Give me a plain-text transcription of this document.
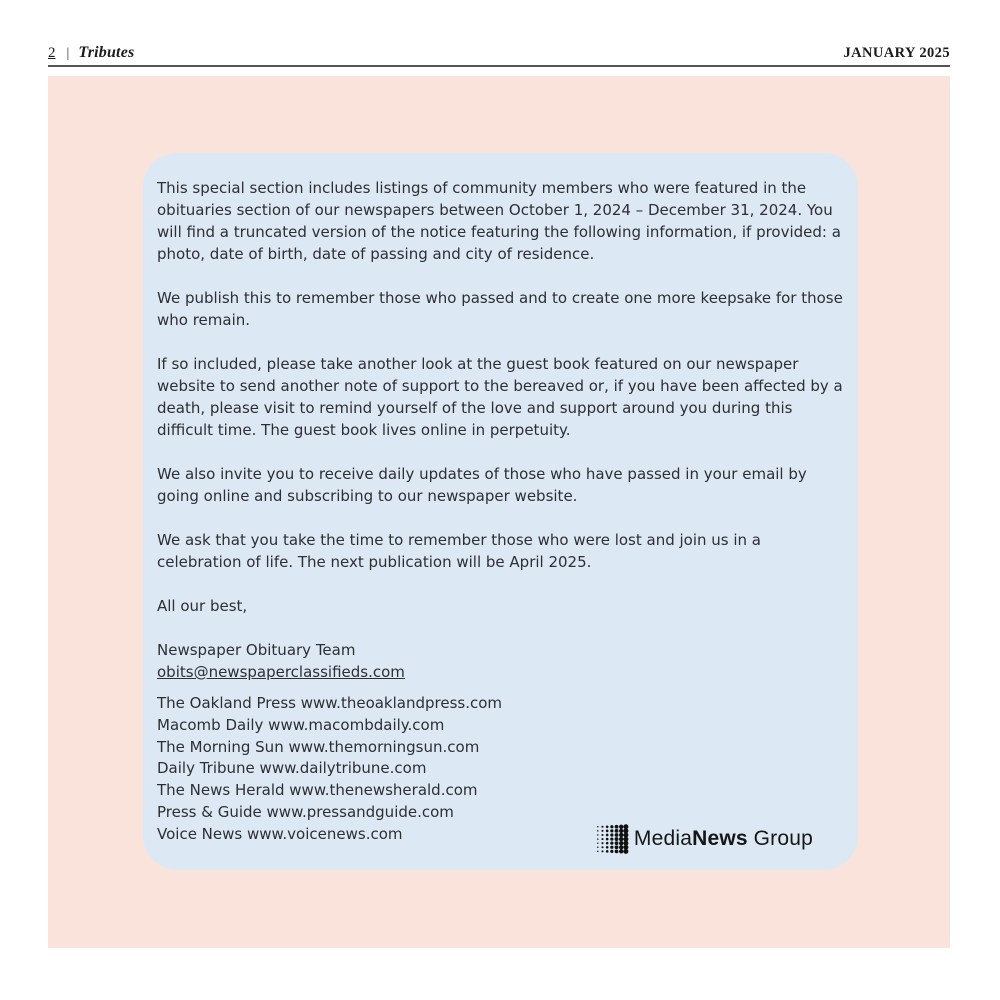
2 | Tributes	JANUARY 2025

This special section includes listings of community members who were featured in the obituaries section of our newspapers between October 1, 2024 – December 31, 2024. You will find a truncated version of the notice featuring the following information, if provided: a photo, date of birth, date of passing and city of residence.

We publish this to remember those who passed and to create one more keepsake for those who remain.

If so included, please take another look at the guest book featured on our newspaper website to send another note of support to the bereaved or, if you have been affected by a death, please visit to remind yourself of the love and support around you during this difficult time. The guest book lives online in perpetuity.

We also invite you to receive daily updates of those who have passed in your email by going online and subscribing to our newspaper website.

We ask that you take the time to remember those who were lost and join us in a celebration of life. The next publication will be April 2025.

All our best,

Newspaper Obituary Team
obits@newspaperclassifieds.com
The Oakland Press www.theoaklandpress.com
Macomb Daily www.macombdaily.com
The Morning Sun www.themorningsun.com
Daily Tribune www.dailytribune.com
The News Herald www.thenewsherald.com
Press & Guide www.pressandguide.com
Voice News www.voicenews.com	MediaNews Group
